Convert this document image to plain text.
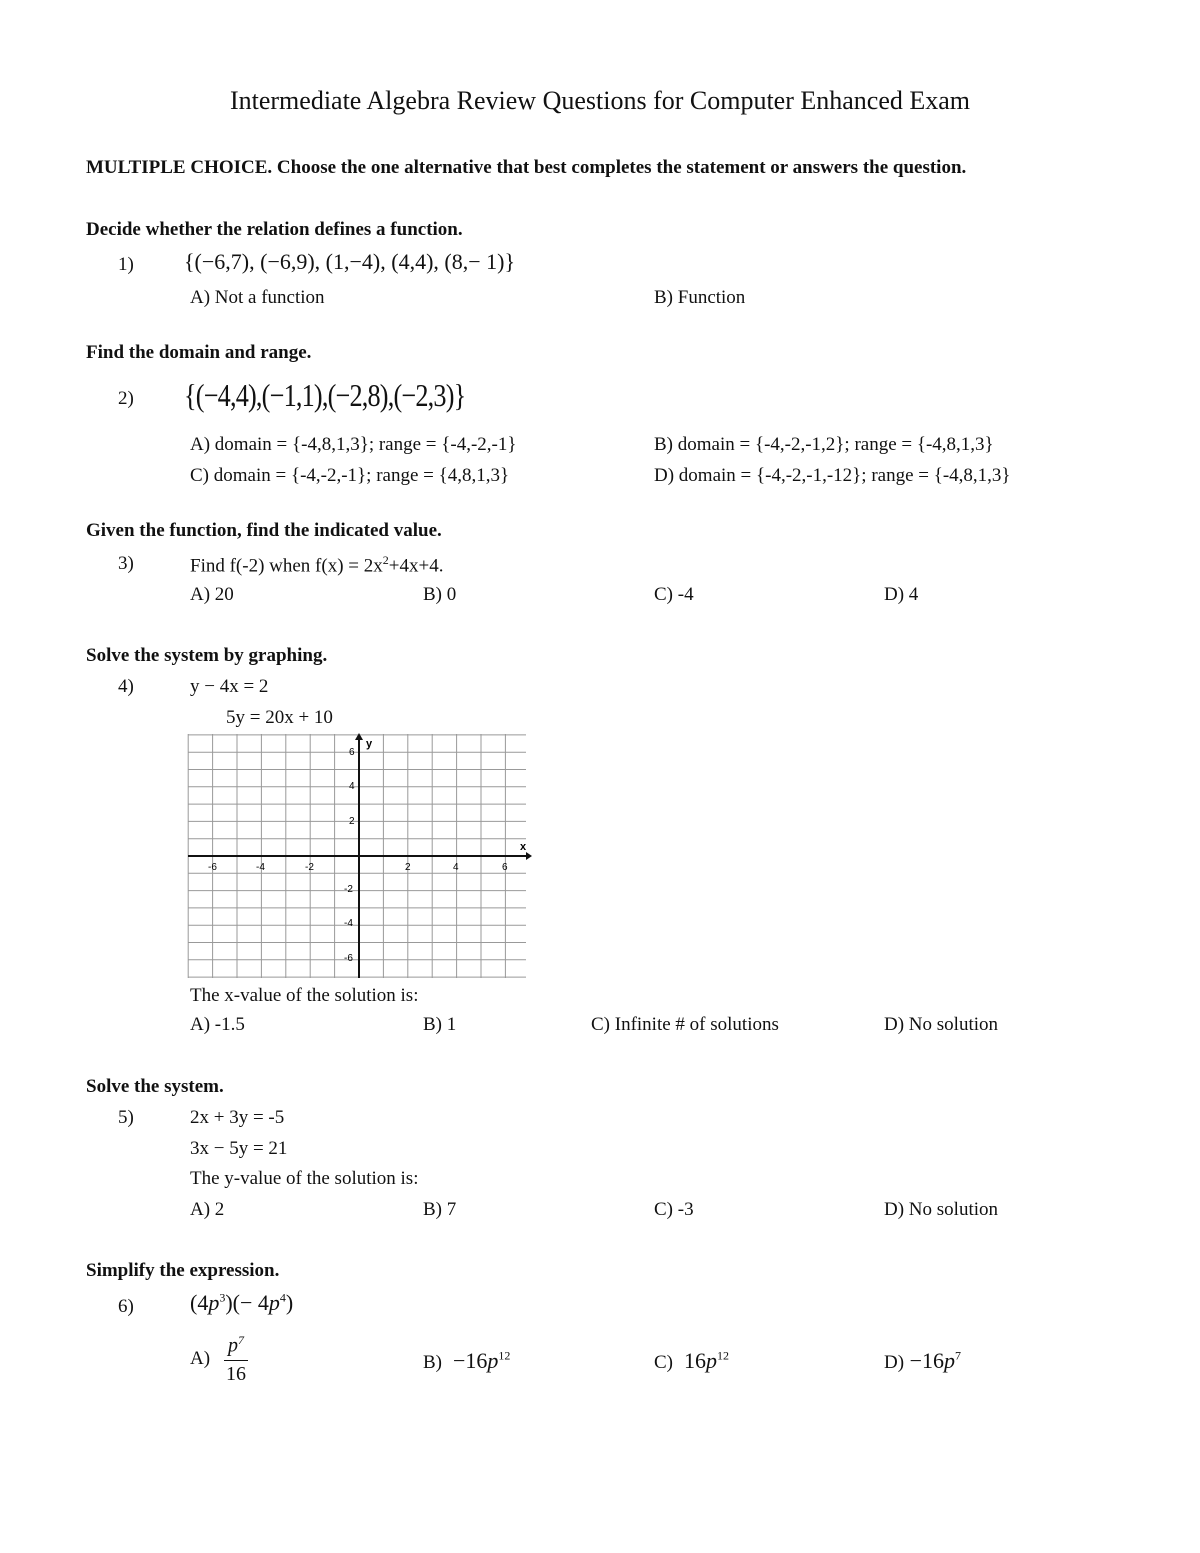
Intermediate Algebra Review Questions for Computer Enhanced Exam
MULTIPLE CHOICE. Choose the one alternative that best completes the statement or answers the question.
Decide whether the relation defines a function.
1) {(−6,7), (−6,9), (1,−4), (4,4), (8,− 1)}
A) Not a function	B) Function
Find the domain and range.
2) {(−4,4),(−1,1),(−2,8),(−2,3)}
A) domain = {-4,8,1,3}; range = {-4,-2,-1}	B) domain = {-4,-2,-1,2}; range = {-4,8,1,3}
C) domain = {-4,-2,-1}; range = {4,8,1,3}	D) domain = {-4,-2,-1,-12}; range = {-4,8,1,3}
Given the function, find the indicated value.
3)	Find f(-2) when $f(x) = 2x^2+4x+4$.
A) 20	B) 0	C) -4	D) 4
Solve the system by graphing.
4)	y − 4x = 2
5y = 20x + 10
y
x
-6	-4	-2	2	4	6
6
4
2
-2
-4
-6
The x-value of the solution is:
A) -1.5	B) 1	C) Infinite # of solutions	D) No solution
Solve the system.
5)	2x + 3y = -5
3x − 5y = 21
The y-value of the solution is:
A) 2	B) 7	C) -3	D) No solution
Simplify the expression.
6)	$(4p^3)(- 4p^4)$
$A) \frac{p^7}{16}$	$B) -16p^{12}$	C) $16p^{12}$	$D) -16p^7$
